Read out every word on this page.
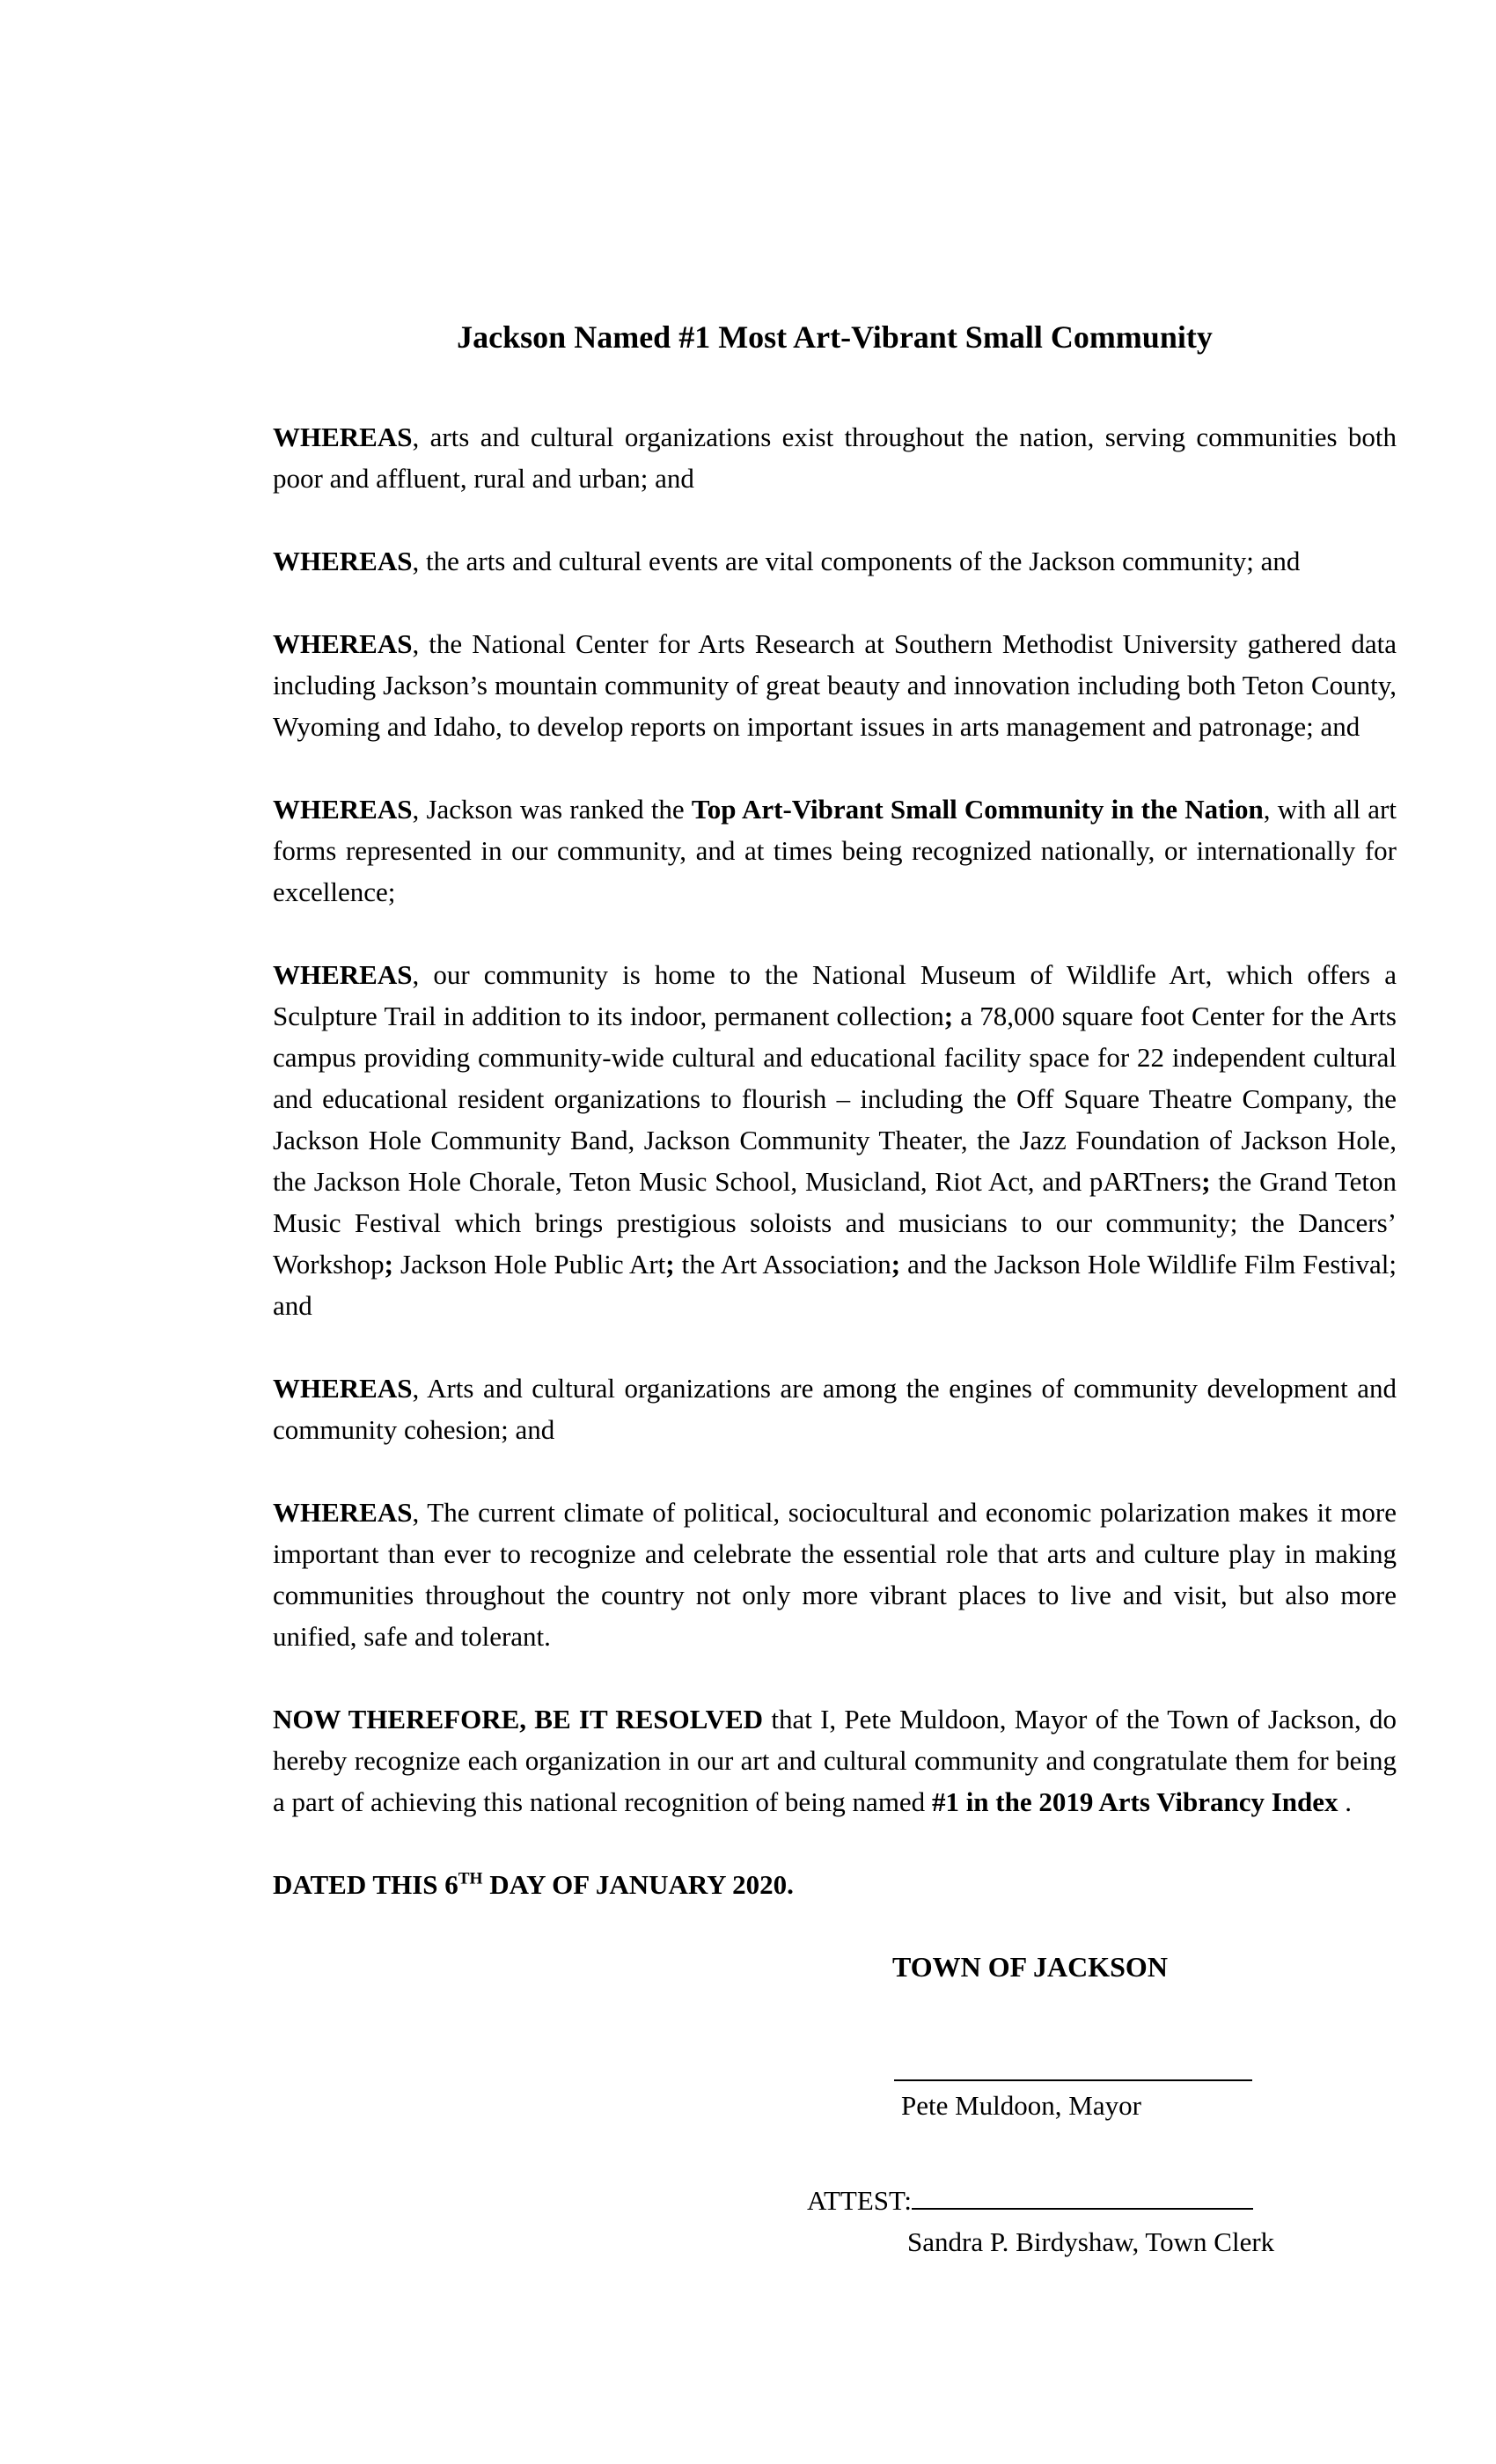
Jackson Named #1 Most Art-Vibrant Small Community

WHEREAS, arts and cultural organizations exist throughout the nation, serving communities both poor and affluent, rural and urban; and

WHEREAS, the arts and cultural events are vital components of the Jackson community; and

WHEREAS, the National Center for Arts Research at Southern Methodist University gathered data including Jackson’s mountain community of great beauty and innovation including both Teton County, Wyoming and Idaho, to develop reports on important issues in arts management and patronage; and

WHEREAS, Jackson was ranked the Top Art-Vibrant Small Community in the Nation, with all art forms represented in our community, and at times being recognized nationally, or internationally for excellence;

WHEREAS, our community is home to the National Museum of Wildlife Art, which offers a Sculpture Trail in addition to its indoor, permanent collection; a 78,000 square foot Center for the Arts campus providing community-wide cultural and educational facility space for 22 independent cultural and educational resident organizations to flourish – including the Off Square Theatre Company, the Jackson Hole Community Band, Jackson Community Theater, the Jazz Foundation of Jackson Hole, the Jackson Hole Chorale, Teton Music School, Musicland, Riot Act, and pARTners; the Grand Teton Music Festival which brings prestigious soloists and musicians to our community; the Dancers’ Workshop; Jackson Hole Public Art; the Art Association; and the Jackson Hole Wildlife Film Festival; and

WHEREAS, Arts and cultural organizations are among the engines of community development and community cohesion; and

WHEREAS, The current climate of political, sociocultural and economic polarization makes it more important than ever to recognize and celebrate the essential role that arts and culture play in making communities throughout the country not only more vibrant places to live and visit, but also more unified, safe and tolerant.

NOW THEREFORE, BE IT RESOLVED that I, Pete Muldoon, Mayor of the Town of Jackson, do hereby recognize each organization in our art and cultural community and congratulate them for being a part of achieving this national recognition of being named #1 in the 2019 Arts Vibrancy Index .

DATED THIS 6TH DAY OF JANUARY 2020.

TOWN OF JACKSON
Pete Muldoon, Mayor
ATTEST:
Sandra P. Birdyshaw, Town Clerk
